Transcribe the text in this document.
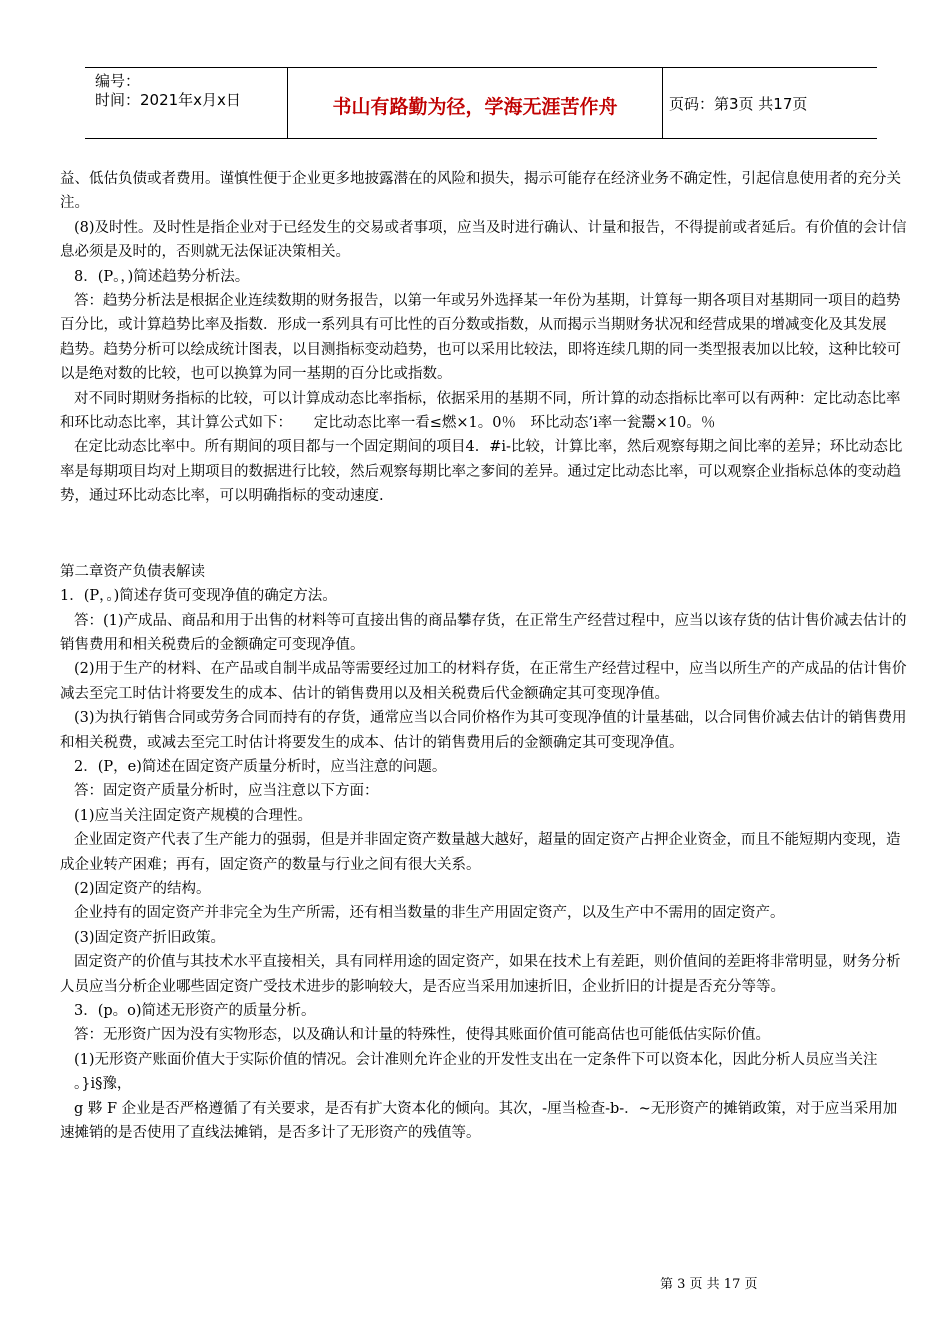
编号：
时间：2021年x月x日	书山有路勤为径，学海无涯苦作舟	页码：第3页 共17页

益、低估负债或者费用。谨慎性便于企业更多地披露潜在的风险和损失，揭示可能存在经济业务不确定性，引起信息使用者的充分关注。

(8)及时性。及时性是指企业对于已经发生的交易或者事项，应当及时进行确认、计量和报告，不得提前或者延后。有价值的会计信息必须是及时的，否则就无法保证决策相关。

8．(P。，)简述趋势分析法。

答：趋势分析法是根据企业连续数期的财务报告，以第一年或另外选择某一年份为基期，计算每一期各项目对基期同一项目的趋势百分比，或计算趋势比率及指数．形成一系列具有可比性的百分数或指数，从而揭示当期财务状况和经营成果的增减变化及其发展

趋势。趋势分析可以绘成统计图表，以目测指标变动趋势，也可以采用比较法，即将连续几期的同一类型报表加以比较，这种比较可以是绝对数的比较，也可以换算为同一基期的百分比或指数。

对不同时期财务指标的比较，可以计算成动态比率指标，依据采用的基期不同，所计算的动态指标比率可以有两种：定比动态比率和环比动态比率，其计算公式如下：　　定比动态比率一看≤燃×1。0％　环比动态’i率一瓮鬻×10。％

在定比动态比率中。所有期间的项目都与一个固定期间的项目4．#i-比较，计算比率，然后观察每期之间比率的差异；环比动态比率是每期项目均对上期项目的数据进行比较，然后观察每期比率之奓间的差异。通过定比动态比率，可以观察企业指标总体的变动趋势，通过环比动态比率，可以明确指标的变动速度.

第二章资产负债表解读

1．(P，。)简述存货可变现净值的确定方法。

答：(1)产成品、商品和用于出售的材料等可直接出售的商品攀存货，在正常生产经营过程中，应当以该存货的估计售价减去估计的销售费用和相关税费后的金额确定可变现净值。

(2)用于生产的材料、在产品或自制半成品等需要经过加工的材料存货，在正常生产经营过程中，应当以所生产的产成品的估计售价减去至完工时估计将要发生的成本、估计的销售费用以及相关税费后代金额确定其可变现净值。

(3)为执行销售合同或劳务合同而持有的存货，通常应当以合同价格作为其可变现净值的计量基础，以合同售价减去估计的销售费用和相关税费，或减去至完工时估计将要发生的成本、估计的销售费用后的金额确定其可变现净值。

2．(P，e)简述在固定资产质量分析时，应当注意的问题。

答：固定资产质量分析时，应当注意以下方面：

(1)应当关注固定资产规模的合理性。

企业固定资产代表了生产能力的强弱，但是并非固定资产数量越大越好，超量的固定资产占押企业资金，而且不能短期内变现，造成企业转产困难；再有，固定资产的数量与行业之间有很大关系。

(2)固定资产的结构。

企业持有的固定资产并非完全为生产所需，还有相当数量的非生产用固定资产，以及生产中不需用的固定资产。

(3)固定资产折旧政策。

固定资产的价值与其技术水平直接相关，具有同样用途的固定资产，如果在技术上有差距，则价值间的差距将非常明显，财务分析人员应当分析企业哪些固定资广受技术进步的影响较大，是否应当采用加速折旧，企业折旧的计提是否充分等等。

3．(p。o)简述无形资产的质量分析。

答：无形资广因为没有实物形态，以及确认和计量的特殊性，使得其账面价值可能高估也可能低估实际价值。

(1)无形资产账面价值大于实际价值的情况。会计准则允许企业的开发性支出在一定条件下可以资本化，因此分析人员应当关注

。}i§豫，

g 夥 F 企业是否严格遵循了有关要求，是否有扩大资本化的倾向。其次，-厘当检查-b-．~无形资产的摊销政策，对于应当采用加速摊销的是否使用了直线法摊销，是否多计了无形资产的残值等。

第 3 页 共 17 页
